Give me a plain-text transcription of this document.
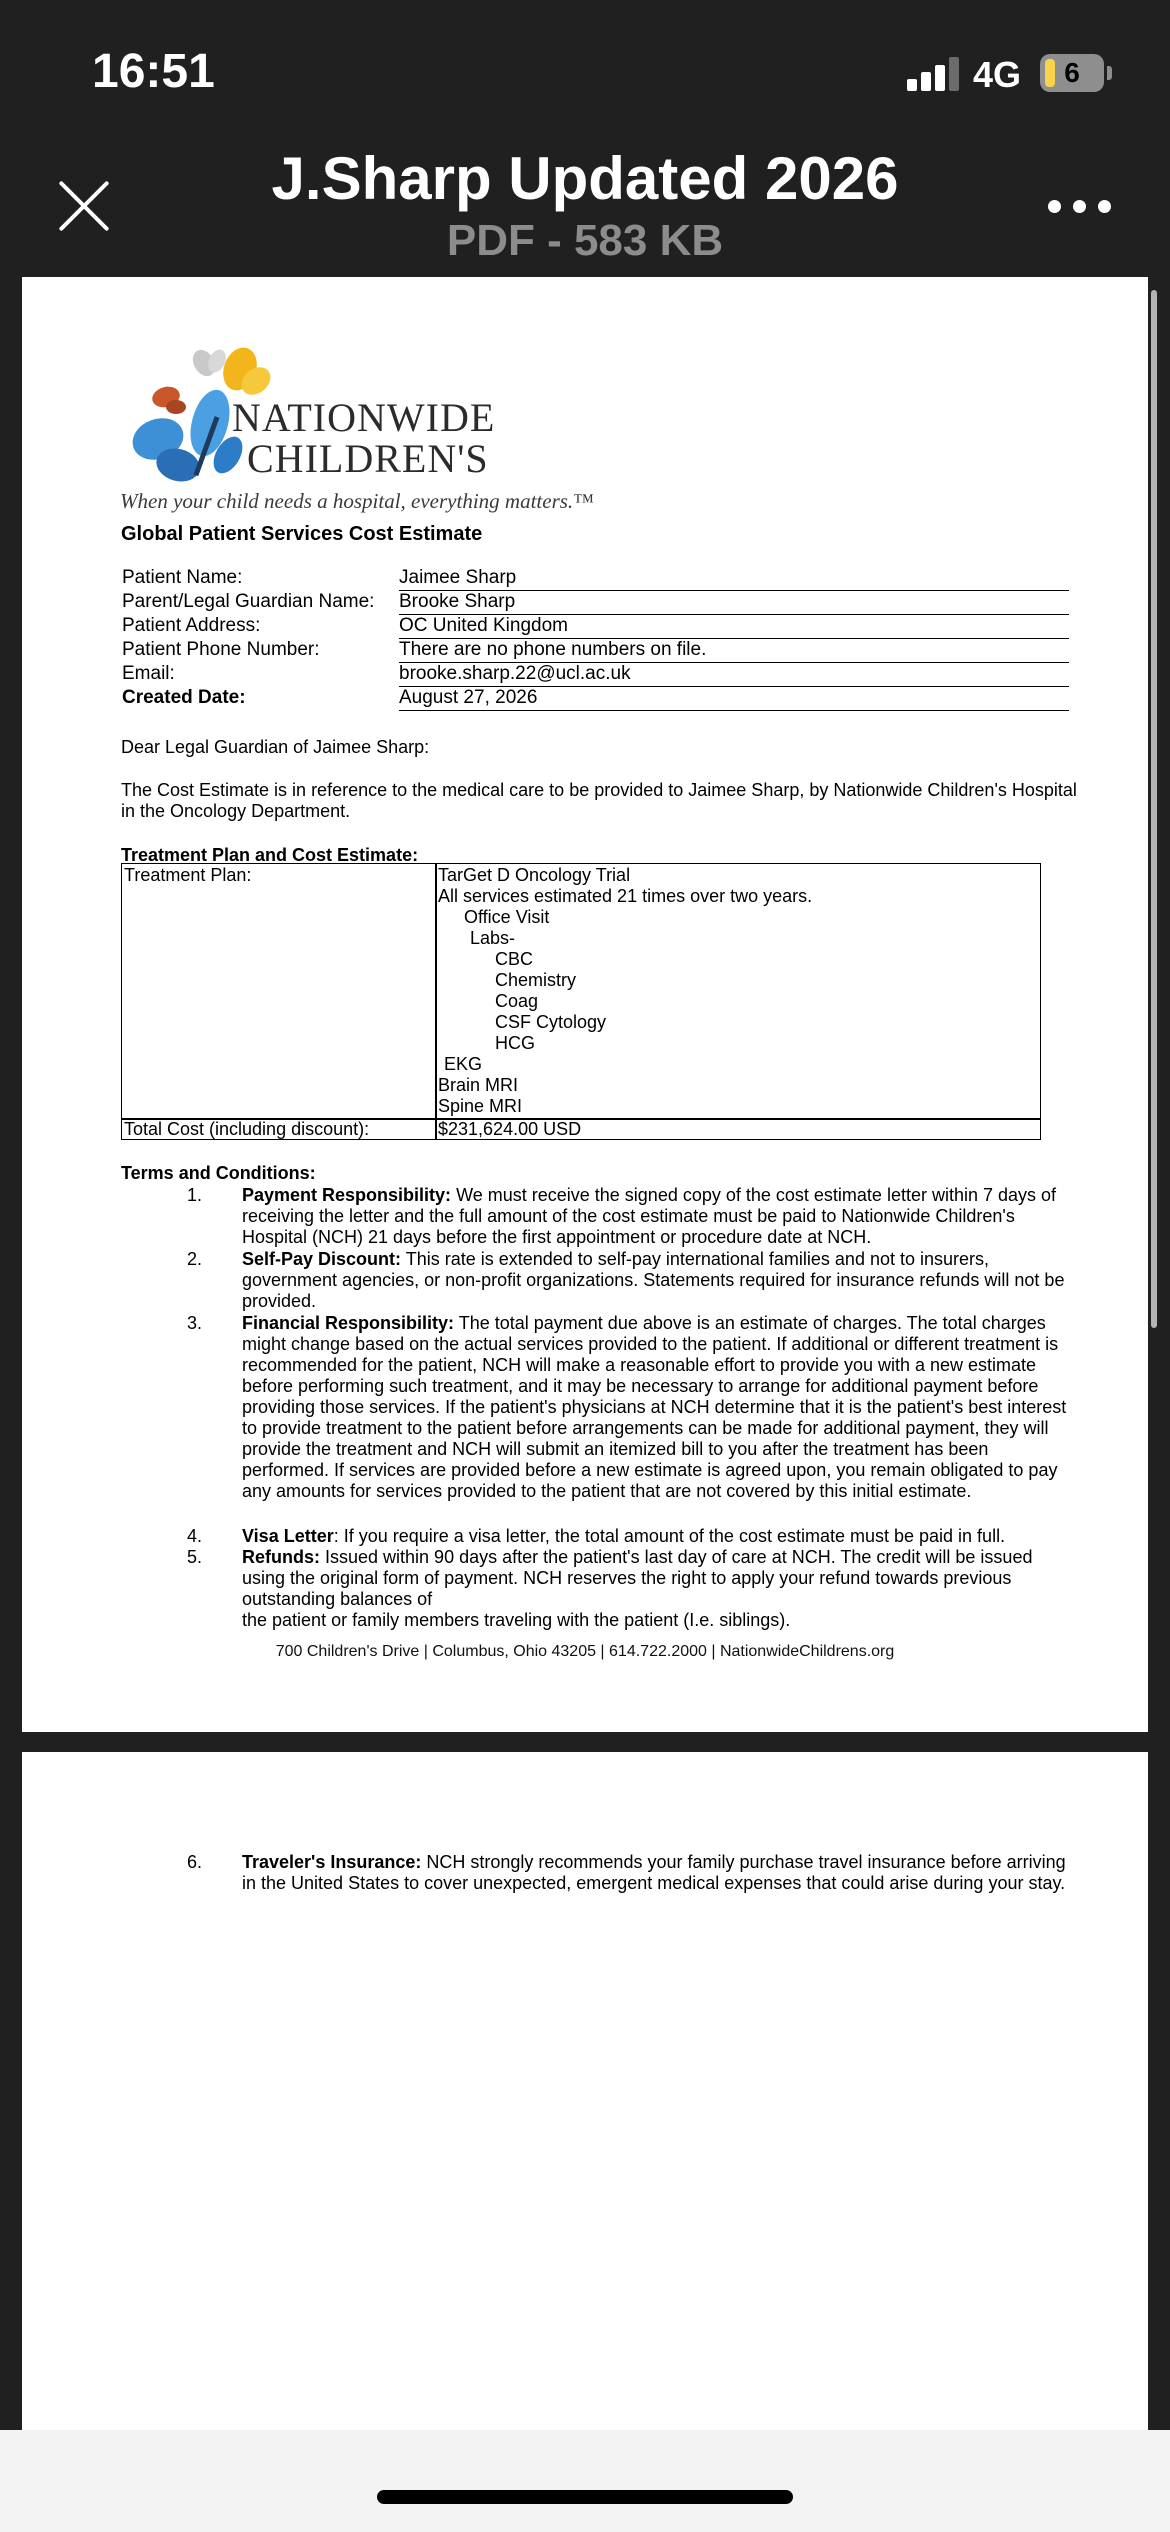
16:51	4G	6
J.Sharp Updated 2026
PDF - 583 KB
NATIONWIDE
CHILDREN'S
When your child needs a hospital, everything matters.™
Global Patient Services Cost Estimate
Patient Name:	Jaimee Sharp
Parent/Legal Guardian Name: Brooke Sharp
Patient Address:	OC United Kingdom
Patient Phone Number:	There are no phone numbers on file.
Email:	brooke.sharp.22@ucl.ac.uk
Created Date:	August 27, 2026
Dear Legal Guardian of Jaimee Sharp:
The Cost Estimate is in reference to the medical care to be provided to Jaimee Sharp, by Nationwide Children's Hospital in the Oncology Department.
Treatment Plan and Cost Estimate:
Treatment Plan:	TarGet D Oncology Trial
All services estimated 21 times over two years.
Office Visit
Labs-
CBC
Chemistry
Coag
CSF Cytology
HCG
EKG
Brain MRI
Spine MRI
Total Cost (including discount):	$231,624.00 USD
Terms and Conditions:
1. Payment Responsibility: We must receive the signed copy of the cost estimate letter within 7 days of receiving the letter and the full amount of the cost estimate must be paid to Nationwide Children's Hospital (NCH) 21 days before the first appointment or procedure date at NCH.
2. Self-Pay Discount: This rate is extended to self-pay international families and not to insurers, government agencies, or non-profit organizations. Statements required for insurance refunds will not be provided.
3. Financial Responsibility: The total payment due above is an estimate of charges. The total charges might change based on the actual services provided to the patient. If additional or different treatment is recommended for the patient, NCH will make a reasonable effort to provide you with a new estimate before performing such treatment, and it may be necessary to arrange for additional payment before providing those services. If the patient's physicians at NCH determine that it is the patient's best interest to provide treatment to the patient before arrangements can be made for additional payment, they will provide the treatment and NCH will submit an itemized bill to you after the treatment has been performed. If services are provided before a new estimate is agreed upon, you remain obligated to pay any amounts for services provided to the patient that are not covered by this initial estimate.
4. Visa Letter: If you require a visa letter, the total amount of the cost estimate must be paid in full.
5. Refunds: Issued within 90 days after the patient's last day of care at NCH. The credit will be issued using the original form of payment. NCH reserves the right to apply your refund towards previous outstanding balances of
the patient or family members traveling with the patient (I.e. siblings).
700 Children's Drive | Columbus, Ohio 43205 | 614.722.2000 | NationwideChildrens.org
6. Traveler's Insurance: NCH strongly recommends your family purchase travel insurance before arriving in the United States to cover unexpected, emergent medical expenses that could arise during your stay.
